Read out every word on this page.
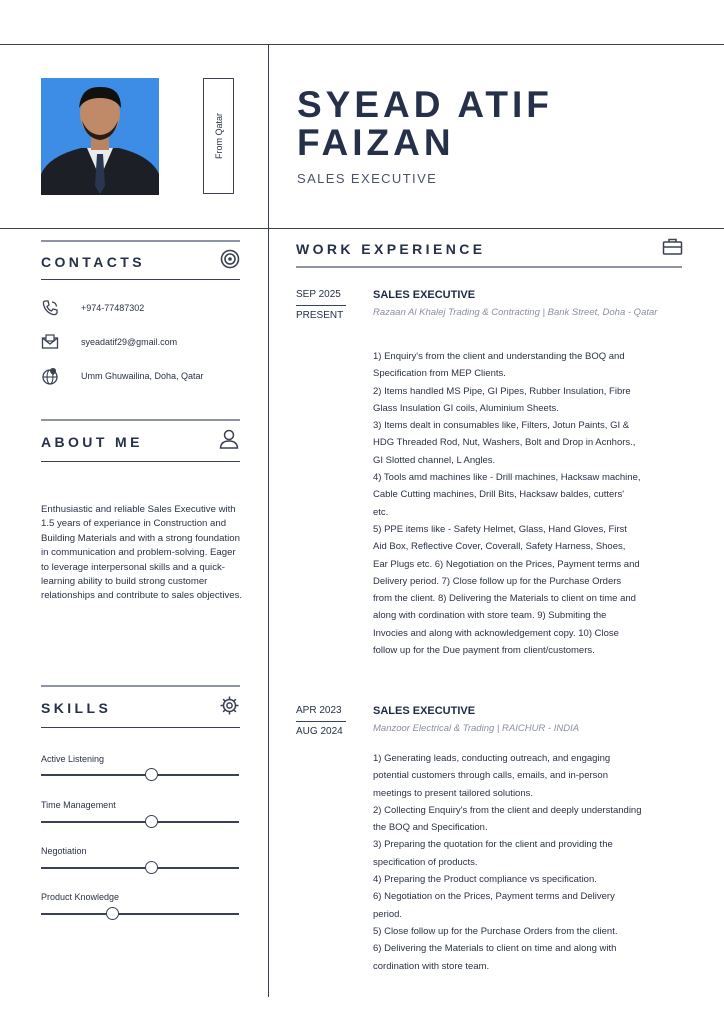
From Qatar
SYEAD ATIF
FAIZAN
SALES EXECUTIVE
CONTACTS
+974-77487302
syeadatif29@gmail.com
Umm Ghuwailina, Doha, Qatar
ABOUT ME
Enthusiastic and reliable Sales Executive with 1.5 years of experiance in Construction and Building Materials and with a strong foundation in communication and problem-solving. Eager to leverage interpersonal skills and a quick-learning ability to build strong customer relationships and contribute to sales objectives.
SKILLS
Active Listening
Time Management
Negotiation
Product Knowledge
WORK EXPERIENCE
SEP 2025
PRESENT
SALES EXECUTIVE
Razaan Al Khalej Trading & Contracting | Bank Street, Doha - Qatar
1) Enquiry's from the client and understanding the BOQ and
Specification from MEP Clients.
2) Items handled MS Pipe, GI Pipes, Rubber Insulation, Fibre
Glass Insulation GI coils, Aluminium Sheets.
3) Items dealt in consumables like, Filters, Jotun Paints, GI &
HDG Threaded Rod, Nut, Washers, Bolt and Drop in Acnhors.,
GI Slotted channel, L Angles.
4) Tools amd machines like - Drill machines, Hacksaw machine,
Cable Cutting machines, Drill Bits, Hacksaw baldes, cutters'
etc.
5) PPE items like - Safety Helmet, Glass, Hand Gloves, First
Aid Box, Reflective Cover, Coverall, Safety Harness, Shoes,
Ear Plugs etc. 6) Negotiation on the Prices, Payment terms and
Delivery period. 7) Close follow up for the Purchase Orders
from the client. 8) Delivering the Materials to client on time and
along with cordination with store team. 9) Submiting the
Invocies and along with acknowledgement copy. 10) Close
follow up for the Due payment from client/customers.
APR 2023
AUG 2024
SALES EXECUTIVE
Manzoor Electrical & Trading | RAICHUR - INDIA
1) Generating leads, conducting outreach, and engaging
potential customers through calls, emails, and in-person
meetings to present tailored solutions.
2) Collecting Enquiry's from the client and deeply understanding
the BOQ and Specification.
3) Preparing the quotation for the client and providing the
specification of products.
4) Preparing the Product compliance vs specification.
6) Negotiation on the Prices, Payment terms and Delivery
period.
5) Close follow up for the Purchase Orders from the client.
6) Delivering the Materials to client on time and along with
cordination with store team.
